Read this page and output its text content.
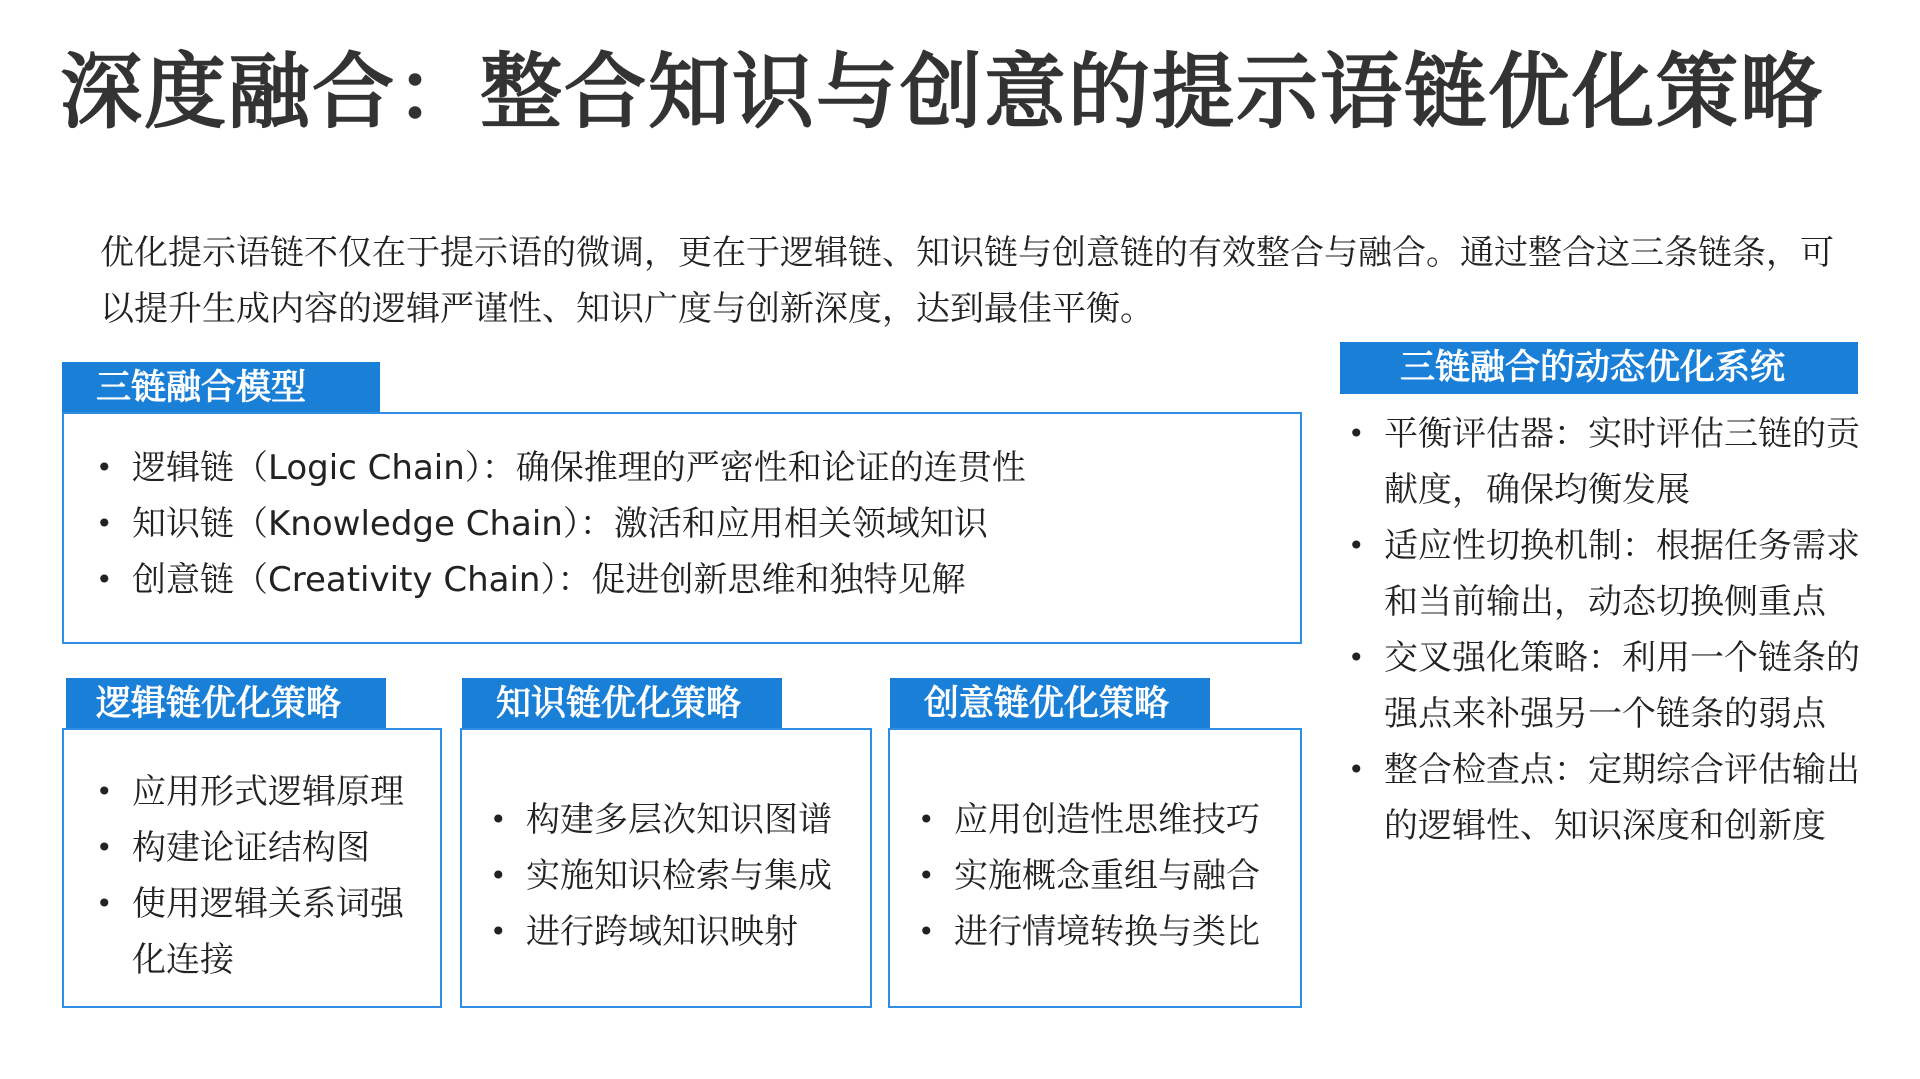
深度融合：整合知识与创意的提示语链优化策略

优化提示语链不仅在于提示语的微调，更在于逻辑链、知识链与创意链的有效整合与融合。通过整合这三条链条，可以提升生成内容的逻辑严谨性、知识广度与创新深度，达到最佳平衡。

三链融合模型
• 逻辑链（Logic Chain）：确保推理的严密性和论证的连贯性
• 知识链（Knowledge Chain）：激活和应用相关领域知识
• 创意链（Creativity Chain）：促进创新思维和独特见解
逻辑链优化策略
• 应用形式逻辑原理
• 构建论证结构图
• 使用逻辑关系词强化连接
知识链优化策略
• 构建多层次知识图谱
• 实施知识检索与集成
• 进行跨域知识映射
创意链优化策略
• 应用创造性思维技巧
• 实施概念重组与融合
• 进行情境转换与类比
三链融合的动态优化系统
• 平衡评估器：实时评估三链的贡献度，确保均衡发展
• 适应性切换机制：根据任务需求和当前输出，动态切换侧重点
• 交叉强化策略：利用一个链条的强点来补强另一个链条的弱点
• 整合检查点：定期综合评估输出的逻辑性、知识深度和创新度
